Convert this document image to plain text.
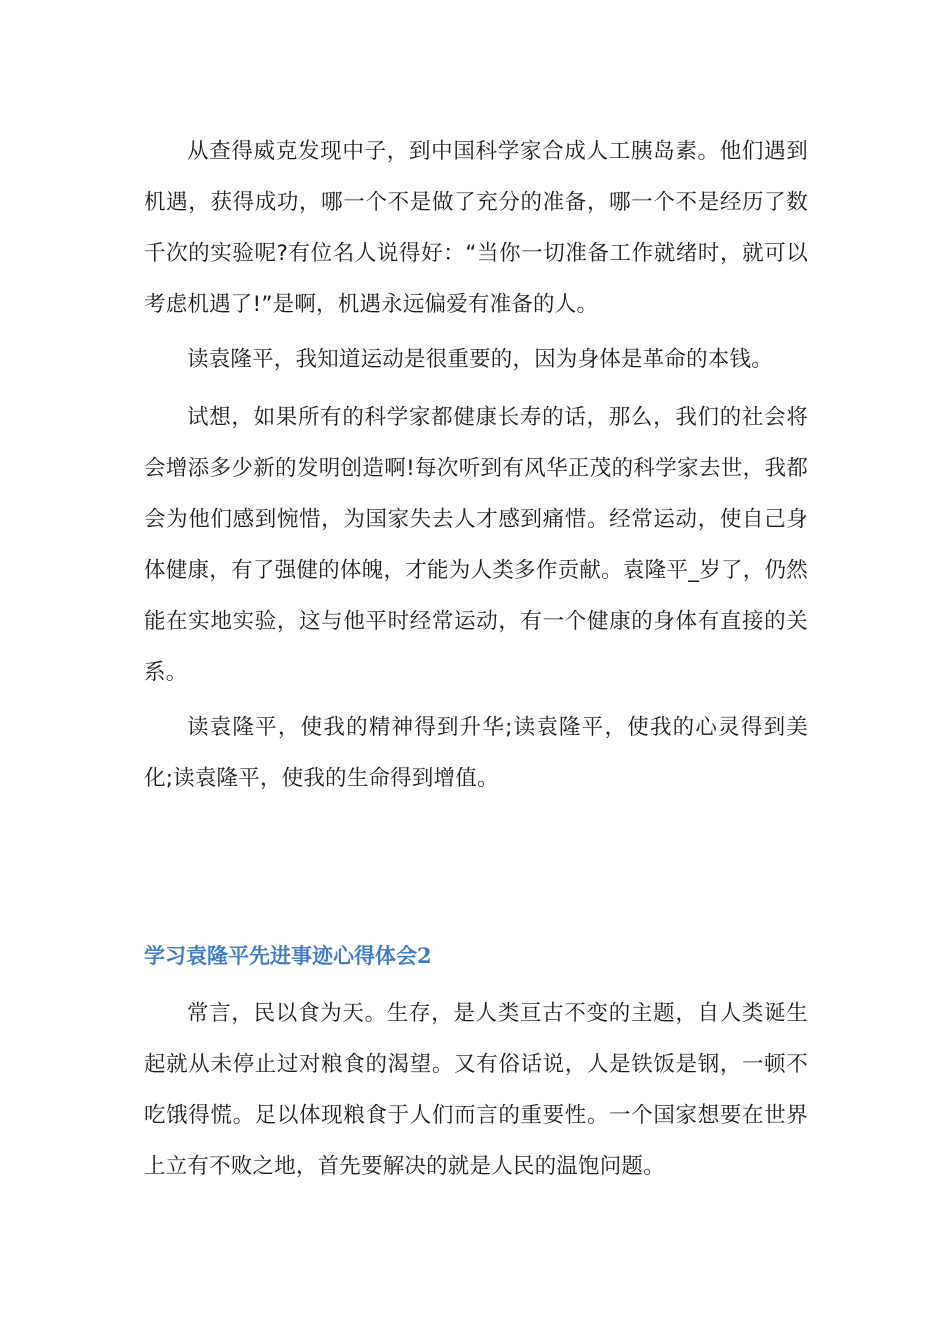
从查得威克发现中子，到中国科学家合成人工胰岛素。他们遇到机遇，获得成功，哪一个不是做了充分的准备，哪一个不是经历了数千次的实验呢?有位名人说得好：“当你一切准备工作就绪时，就可以考虑机遇了!”是啊，机遇永远偏爱有准备的人。

读袁隆平，我知道运动是很重要的，因为身体是革命的本钱。

试想，如果所有的科学家都健康长寿的话，那么，我们的社会将会增添多少新的发明创造啊!每次听到有风华正茂的科学家去世，我都会为他们感到惋惜，为国家失去人才感到痛惜。经常运动，使自己身体健康，有了强健的体魄，才能为人类多作贡献。袁隆平_岁了，仍然能在实地实验，这与他平时经常运动，有一个健康的身体有直接的关系。

读袁隆平，使我的精神得到升华;读袁隆平，使我的心灵得到美化;读袁隆平，使我的生命得到增值。

学习袁隆平先进事迹心得体会2

常言，民以食为天。生存，是人类亘古不变的主题，自人类诞生起就从未停止过对粮食的渴望。又有俗话说，人是铁饭是钢，一顿不吃饿得慌。足以体现粮食于人们而言的重要性。一个国家想要在世界上立有不败之地，首先要解决的就是人民的温饱问题。
